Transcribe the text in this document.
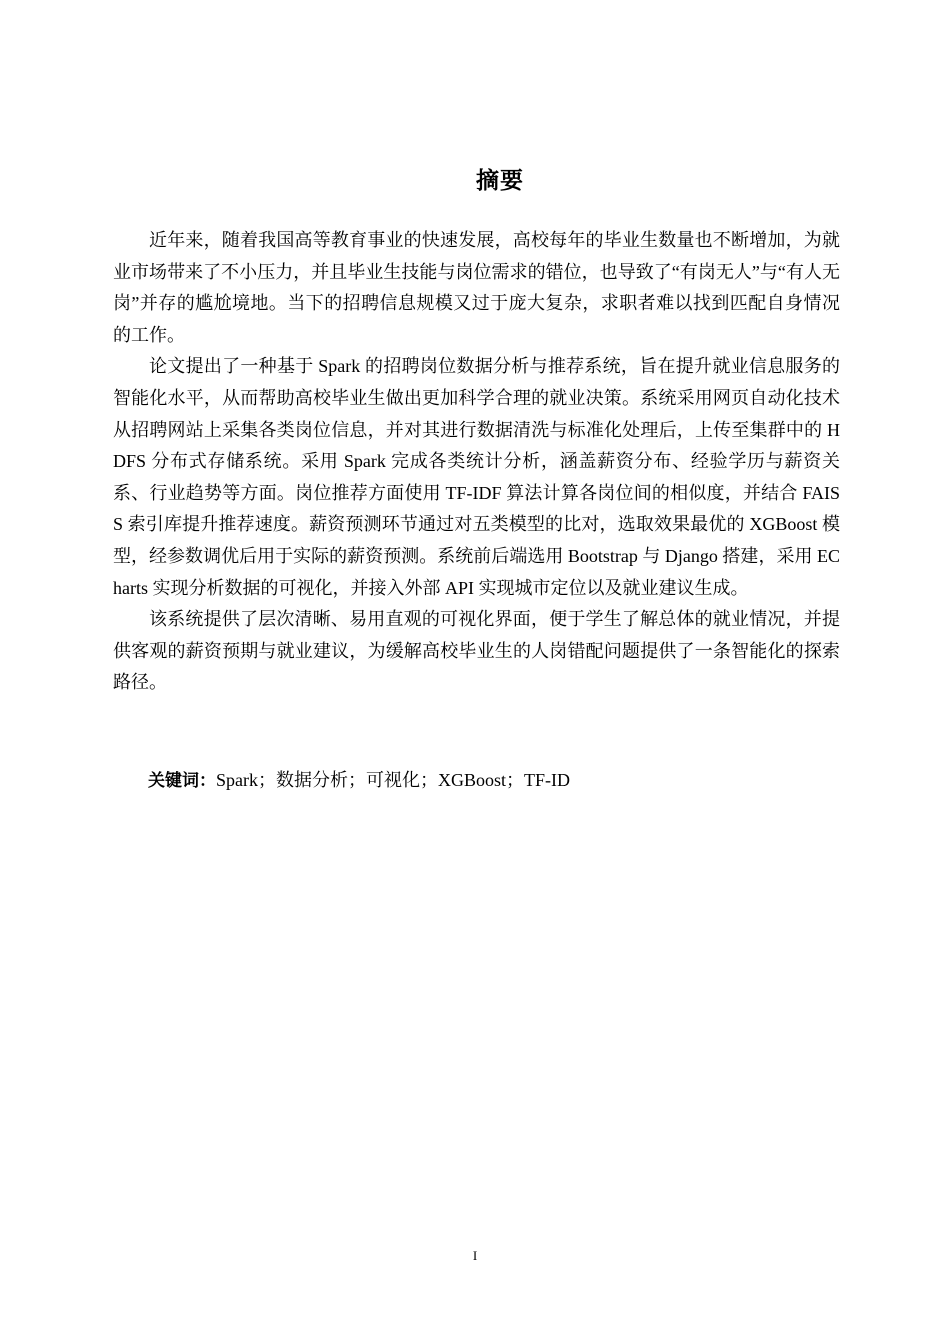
摘要

近年来，随着我国高等教育事业的快速发展，高校每年的毕业生数量也不断增加，为就业市场带来了不小压力，并且毕业生技能与岗位需求的错位，也导致了“有岗无人”与“有人无岗”并存的尴尬境地。当下的招聘信息规模又过于庞大复杂，求职者难以找到匹配自身情况的工作。

论文提出了一种基于 Spark 的招聘岗位数据分析与推荐系统，旨在提升就业信息服务的智能化水平，从而帮助高校毕业生做出更加科学合理的就业决策。系统采用网页自动化技术从招聘网站上采集各类岗位信息，并对其进行数据清洗与标准化处理后，上传至集群中的 HDFS 分布式存储系统。采用 Spark 完成各类统计分析，涵盖薪资分布、经验学历与薪资关系、行业趋势等方面。岗位推荐方面使用 TF-IDF 算法计算各岗位间的相似度，并结合 FAISS 索引库提升推荐速度。薪资预测环节通过对五类模型的比对，选取效果最优的 XGBoost 模型，经参数调优后用于实际的薪资预测。系统前后端选用 Bootstrap 与 Django 搭建，采用 ECharts 实现分析数据的可视化，并接入外部 API 实现城市定位以及就业建议生成。

该系统提供了层次清晰、易用直观的可视化界面，便于学生了解总体的就业情况，并提供客观的薪资预期与就业建议，为缓解高校毕业生的人岗错配问题提供了一条智能化的探索路径。

关键词：Spark；数据分析；可视化；XGBoost；TF-ID
I
